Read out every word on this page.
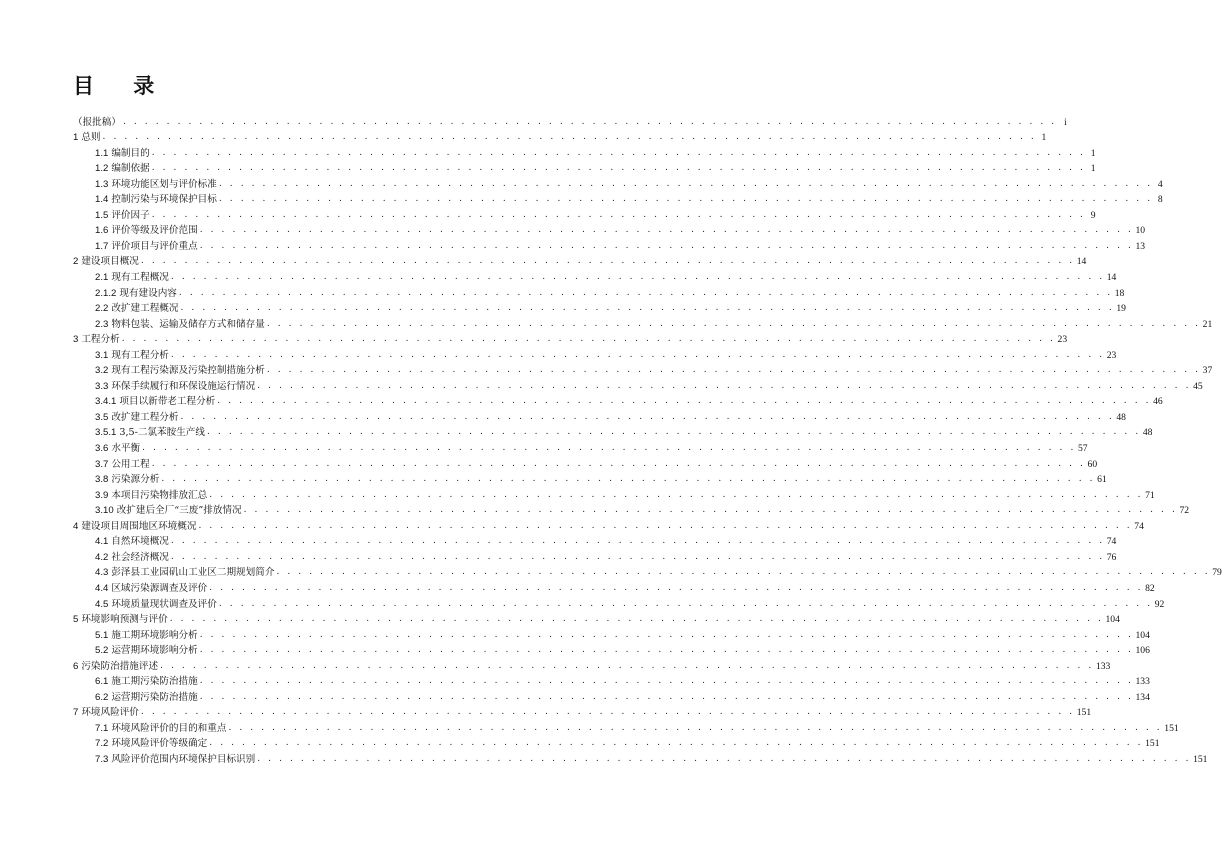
目 录
（报批稿） . . . . . . . . . . . . . . . . . . . . . . . . . . . . . . . . . . . . . . . . . . . . . . . . . . . . . . . . . . . . . . . . . . . . . . . . . . . . . . . . . . . . . . i
1 总则 . . . . . . . . . . . . . . . . . . . . . . . . . . . . . . . . . . . . . . . . . . . . . . . . . . . . . . . . . . . . . . . . . . . . . . . . . . . . . . . . . . . . . . 1
1.1 编制目的 . . . . . . . . . . . . . . . . . . . . . . . . . . . . . . . . . . . . . . . . . . . . . . . . . . . . . . . . . . . . . . . . . . . . . . . . . . . . . . . . . . . . . . 1
1.2 编制依据 . . . . . . . . . . . . . . . . . . . . . . . . . . . . . . . . . . . . . . . . . . . . . . . . . . . . . . . . . . . . . . . . . . . . . . . . . . . . . . . . . . . . . . 1
1.3 环境功能区划与评价标准 . . . . . . . . . . . . . . . . . . . . . . . . . . . . . . . . . . . . . . . . . . . . . . . . . . . . . . . . . . . . . . . . . . . . . . . . . . . . . . . . . . . . . . 4
1.4 控制污染与环境保护目标 . . . . . . . . . . . . . . . . . . . . . . . . . . . . . . . . . . . . . . . . . . . . . . . . . . . . . . . . . . . . . . . . . . . . . . . . . . . . . . . . . . . . . . 8
1.5 评价因子 . . . . . . . . . . . . . . . . . . . . . . . . . . . . . . . . . . . . . . . . . . . . . . . . . . . . . . . . . . . . . . . . . . . . . . . . . . . . . . . . . . . . . . 9
1.6 评价等级及评价范围 . . . . . . . . . . . . . . . . . . . . . . . . . . . . . . . . . . . . . . . . . . . . . . . . . . . . . . . . . . . . . . . . . . . . . . . . . . . . . . . . . . . . . . 10
1.7 评价项目与评价重点 . . . . . . . . . . . . . . . . . . . . . . . . . . . . . . . . . . . . . . . . . . . . . . . . . . . . . . . . . . . . . . . . . . . . . . . . . . . . . . . . . . . . . . 13
2 建设项目概况 . . . . . . . . . . . . . . . . . . . . . . . . . . . . . . . . . . . . . . . . . . . . . . . . . . . . . . . . . . . . . . . . . . . . . . . . . . . . . . . . . . . . . . 14
2.1 现有工程概况 . . . . . . . . . . . . . . . . . . . . . . . . . . . . . . . . . . . . . . . . . . . . . . . . . . . . . . . . . . . . . . . . . . . . . . . . . . . . . . . . . . . . . . 14
2.1.2 现有建设内容 . . . . . . . . . . . . . . . . . . . . . . . . . . . . . . . . . . . . . . . . . . . . . . . . . . . . . . . . . . . . . . . . . . . . . . . . . . . . . . . . . . . . . . 18
2.2 改扩建工程概况 . . . . . . . . . . . . . . . . . . . . . . . . . . . . . . . . . . . . . . . . . . . . . . . . . . . . . . . . . . . . . . . . . . . . . . . . . . . . . . . . . . . . . . 19
2.3 物料包装、运输及储存方式和储存量 . . . . . . . . . . . . . . . . . . . . . . . . . . . . . . . . . . . . . . . . . . . . . . . . . . . . . . . . . . . . . . . . . . . . . . . . . . . . . . . . . . . . . . 21
3 工程分析 . . . . . . . . . . . . . . . . . . . . . . . . . . . . . . . . . . . . . . . . . . . . . . . . . . . . . . . . . . . . . . . . . . . . . . . . . . . . . . . . . . . . . . 23
3.1 现有工程分析 . . . . . . . . . . . . . . . . . . . . . . . . . . . . . . . . . . . . . . . . . . . . . . . . . . . . . . . . . . . . . . . . . . . . . . . . . . . . . . . . . . . . . . 23
3.2 现有工程污染源及污染控制措施分析 . . . . . . . . . . . . . . . . . . . . . . . . . . . . . . . . . . . . . . . . . . . . . . . . . . . . . . . . . . . . . . . . . . . . . . . . . . . . . . . . . . . . . . 37
3.3 环保手续履行和环保设施运行情况 . . . . . . . . . . . . . . . . . . . . . . . . . . . . . . . . . . . . . . . . . . . . . . . . . . . . . . . . . . . . . . . . . . . . . . . . . . . . . . . . . . . . . . 45
3.4.1 项目以新带老工程分析 . . . . . . . . . . . . . . . . . . . . . . . . . . . . . . . . . . . . . . . . . . . . . . . . . . . . . . . . . . . . . . . . . . . . . . . . . . . . . . . . . . . . . . 46
3.5 改扩建工程分析 . . . . . . . . . . . . . . . . . . . . . . . . . . . . . . . . . . . . . . . . . . . . . . . . . . . . . . . . . . . . . . . . . . . . . . . . . . . . . . . . . . . . . . 48
3.5.1 3,5-二氯苯胺生产线 . . . . . . . . . . . . . . . . . . . . . . . . . . . . . . . . . . . . . . . . . . . . . . . . . . . . . . . . . . . . . . . . . . . . . . . . . . . . . . . . . . . . . . 48
3.6 水平衡 . . . . . . . . . . . . . . . . . . . . . . . . . . . . . . . . . . . . . . . . . . . . . . . . . . . . . . . . . . . . . . . . . . . . . . . . . . . . . . . . . . . . . . 57
3.7 公用工程 . . . . . . . . . . . . . . . . . . . . . . . . . . . . . . . . . . . . . . . . . . . . . . . . . . . . . . . . . . . . . . . . . . . . . . . . . . . . . . . . . . . . . . 60
3.8 污染源分析 . . . . . . . . . . . . . . . . . . . . . . . . . . . . . . . . . . . . . . . . . . . . . . . . . . . . . . . . . . . . . . . . . . . . . . . . . . . . . . . . . . . . . . 61
3.9 本项目污染物排放汇总 . . . . . . . . . . . . . . . . . . . . . . . . . . . . . . . . . . . . . . . . . . . . . . . . . . . . . . . . . . . . . . . . . . . . . . . . . . . . . . . . . . . . . . 71
3.10 改扩建后全厂“三废”排放情况 . . . . . . . . . . . . . . . . . . . . . . . . . . . . . . . . . . . . . . . . . . . . . . . . . . . . . . . . . . . . . . . . . . . . . . . . . . . . . . . . . . . . . . 72
4 建设项目周围地区环境概况 . . . . . . . . . . . . . . . . . . . . . . . . . . . . . . . . . . . . . . . . . . . . . . . . . . . . . . . . . . . . . . . . . . . . . . . . . . . . . . . . . . . . . . 74
4.1 自然环境概况 . . . . . . . . . . . . . . . . . . . . . . . . . . . . . . . . . . . . . . . . . . . . . . . . . . . . . . . . . . . . . . . . . . . . . . . . . . . . . . . . . . . . . . 74
4.2 社会经济概况 . . . . . . . . . . . . . . . . . . . . . . . . . . . . . . . . . . . . . . . . . . . . . . . . . . . . . . . . . . . . . . . . . . . . . . . . . . . . . . . . . . . . . . 76
4.3 彭泽县工业园矶山工业区二期规划简介 . . . . . . . . . . . . . . . . . . . . . . . . . . . . . . . . . . . . . . . . . . . . . . . . . . . . . . . . . . . . . . . . . . . . . . . . . . . . . . . . . . . . . . 79
4.4 区域污染源调查及评价 . . . . . . . . . . . . . . . . . . . . . . . . . . . . . . . . . . . . . . . . . . . . . . . . . . . . . . . . . . . . . . . . . . . . . . . . . . . . . . . . . . . . . . 82
4.5 环境质量现状调查及评价 . . . . . . . . . . . . . . . . . . . . . . . . . . . . . . . . . . . . . . . . . . . . . . . . . . . . . . . . . . . . . . . . . . . . . . . . . . . . . . . . . . . . . . 92
5 环境影响预测与评价 . . . . . . . . . . . . . . . . . . . . . . . . . . . . . . . . . . . . . . . . . . . . . . . . . . . . . . . . . . . . . . . . . . . . . . . . . . . . . . . . . . . . . . 104
5.1 施工期环境影响分析 . . . . . . . . . . . . . . . . . . . . . . . . . . . . . . . . . . . . . . . . . . . . . . . . . . . . . . . . . . . . . . . . . . . . . . . . . . . . . . . . . . . . . . 104
5.2 运营期环境影响分析 . . . . . . . . . . . . . . . . . . . . . . . . . . . . . . . . . . . . . . . . . . . . . . . . . . . . . . . . . . . . . . . . . . . . . . . . . . . . . . . . . . . . . . 106
6 污染防治措施评述 . . . . . . . . . . . . . . . . . . . . . . . . . . . . . . . . . . . . . . . . . . . . . . . . . . . . . . . . . . . . . . . . . . . . . . . . . . . . . . . . . . . . . . 133
6.1 施工期污染防治措施 . . . . . . . . . . . . . . . . . . . . . . . . . . . . . . . . . . . . . . . . . . . . . . . . . . . . . . . . . . . . . . . . . . . . . . . . . . . . . . . . . . . . . . 133
6.2 运营期污染防治措施 . . . . . . . . . . . . . . . . . . . . . . . . . . . . . . . . . . . . . . . . . . . . . . . . . . . . . . . . . . . . . . . . . . . . . . . . . . . . . . . . . . . . . . 134
7 环境风险评价 . . . . . . . . . . . . . . . . . . . . . . . . . . . . . . . . . . . . . . . . . . . . . . . . . . . . . . . . . . . . . . . . . . . . . . . . . . . . . . . . . . . . . . 151
7.1 环境风险评价的目的和重点 . . . . . . . . . . . . . . . . . . . . . . . . . . . . . . . . . . . . . . . . . . . . . . . . . . . . . . . . . . . . . . . . . . . . . . . . . . . . . . . . . . . . . . 151
7.2 环境风险评价等级确定 . . . . . . . . . . . . . . . . . . . . . . . . . . . . . . . . . . . . . . . . . . . . . . . . . . . . . . . . . . . . . . . . . . . . . . . . . . . . . . . . . . . . . . 151
7.3 风险评价范围内环境保护目标识别 . . . . . . . . . . . . . . . . . . . . . . . . . . . . . . . . . . . . . . . . . . . . . . . . . . . . . . . . . . . . . . . . . . . . . . . . . . . . . . . . . . . . . . 151
